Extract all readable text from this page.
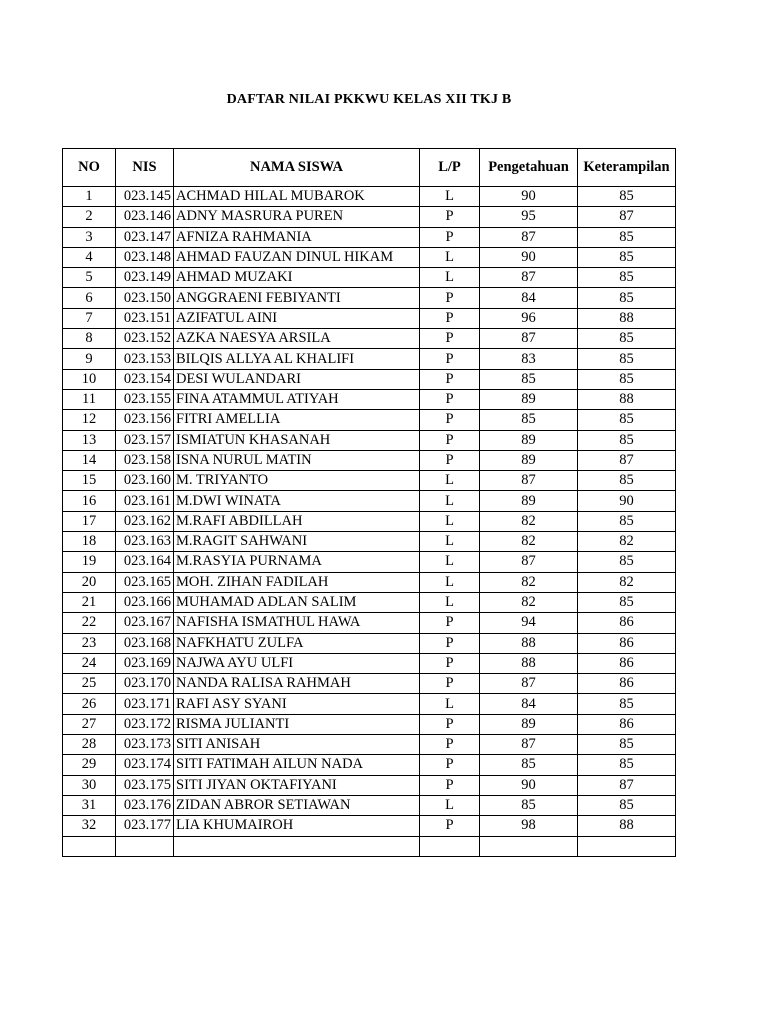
DAFTAR NILAI PKKWU KELAS XII TKJ B
NO	NIS	NAMA SISWA	L/P	Pengetahuan	Keterampilan
1	023.145	ACHMAD HILAL MUBAROK	L	90	85
2	023.146	ADNY MASRURA PUREN	P	95	87
3	023.147	AFNIZA RAHMANIA	P	87	85
4	023.148	AHMAD FAUZAN DINUL HIKAM	L	90	85
5	023.149	AHMAD MUZAKI	L	87	85
6	023.150	ANGGRAENI FEBIYANTI	P	84	85
7	023.151	AZIFATUL AINI	P	96	88
8	023.152	AZKA NAESYA ARSILA	P	87	85
9	023.153	BILQIS ALLYA AL KHALIFI	P	83	85
10	023.154	DESI WULANDARI	P	85	85
11	023.155	FINA ATAMMUL ATIYAH	P	89	88
12	023.156	FITRI AMELLIA	P	85	85
13	023.157	ISMIATUN KHASANAH	P	89	85
14	023.158	ISNA NURUL MATIN	P	89	87
15	023.160	M. TRIYANTO	L	87	85
16	023.161	M.DWI WINATA	L	89	90
17	023.162	M.RAFI ABDILLAH	L	82	85
18	023.163	M.RAGIT SAHWANI	L	82	82
19	023.164	M.RASYIA PURNAMA	L	87	85
20	023.165	MOH. ZIHAN FADILAH	L	82	82
21	023.166	MUHAMAD ADLAN SALIM	L	82	85
22	023.167	NAFISHA ISMATHUL HAWA	P	94	86
23	023.168	NAFKHATU ZULFA	P	88	86
24	023.169	NAJWA AYU ULFI	P	88	86
25	023.170	NANDA RALISA RAHMAH	P	87	86
26	023.171	RAFI ASY SYANI	L	84	85
27	023.172	RISMA JULIANTI	P	89	86
28	023.173	SITI ANISAH	P	87	85
29	023.174	SITI FATIMAH AILUN NADA	P	85	85
30	023.175	SITI JIYAN OKTAFIYANI	P	90	87
31	023.176	ZIDAN ABROR SETIAWAN	L	85	85
32	023.177	LIA KHUMAIROH	P	98	88
